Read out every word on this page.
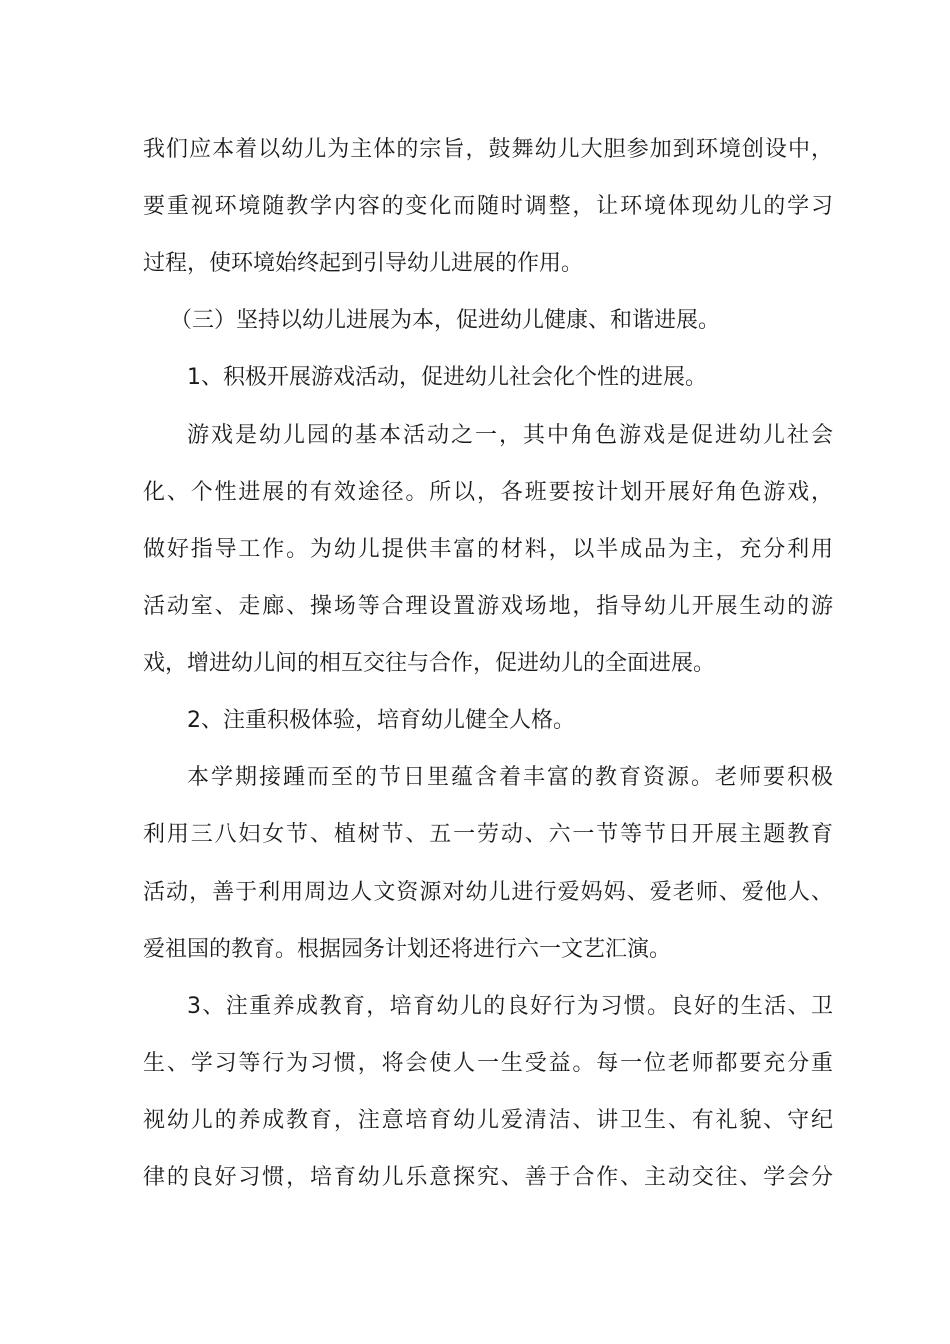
我们应本着以幼儿为主体的宗旨，鼓舞幼儿大胆参加到环境创设中，
要重视环境随教学内容的变化而随时调整，让环境体现幼儿的学习
过程，使环境始终起到引导幼儿进展的作用。
（三）坚持以幼儿进展为本，促进幼儿健康、和谐进展。
1、积极开展游戏活动，促进幼儿社会化个性的进展。
游戏是幼儿园的基本活动之一，其中角色游戏是促进幼儿社会
化、个性进展的有效途径。所以，各班要按计划开展好角色游戏，
做好指导工作。为幼儿提供丰富的材料，以半成品为主，充分利用
活动室、走廊、操场等合理设置游戏场地，指导幼儿开展生动的游
戏，增进幼儿间的相互交往与合作，促进幼儿的全面进展。
2、注重积极体验，培育幼儿健全人格。
本学期接踵而至的节日里蕴含着丰富的教育资源。老师要积极
利用三八妇女节、植树节、五一劳动、六一节等节日开展主题教育
活动，善于利用周边人文资源对幼儿进行爱妈妈、爱老师、爱他人、
爱祖国的教育。根据园务计划还将进行六一文艺汇演。
3、注重养成教育，培育幼儿的良好行为习惯。良好的生活、卫
生、学习等行为习惯，将会使人一生受益。每一位老师都要充分重
视幼儿的养成教育，注意培育幼儿爱清洁、讲卫生、有礼貌、守纪
律的良好习惯，培育幼儿乐意探究、善于合作、主动交往、学会分
